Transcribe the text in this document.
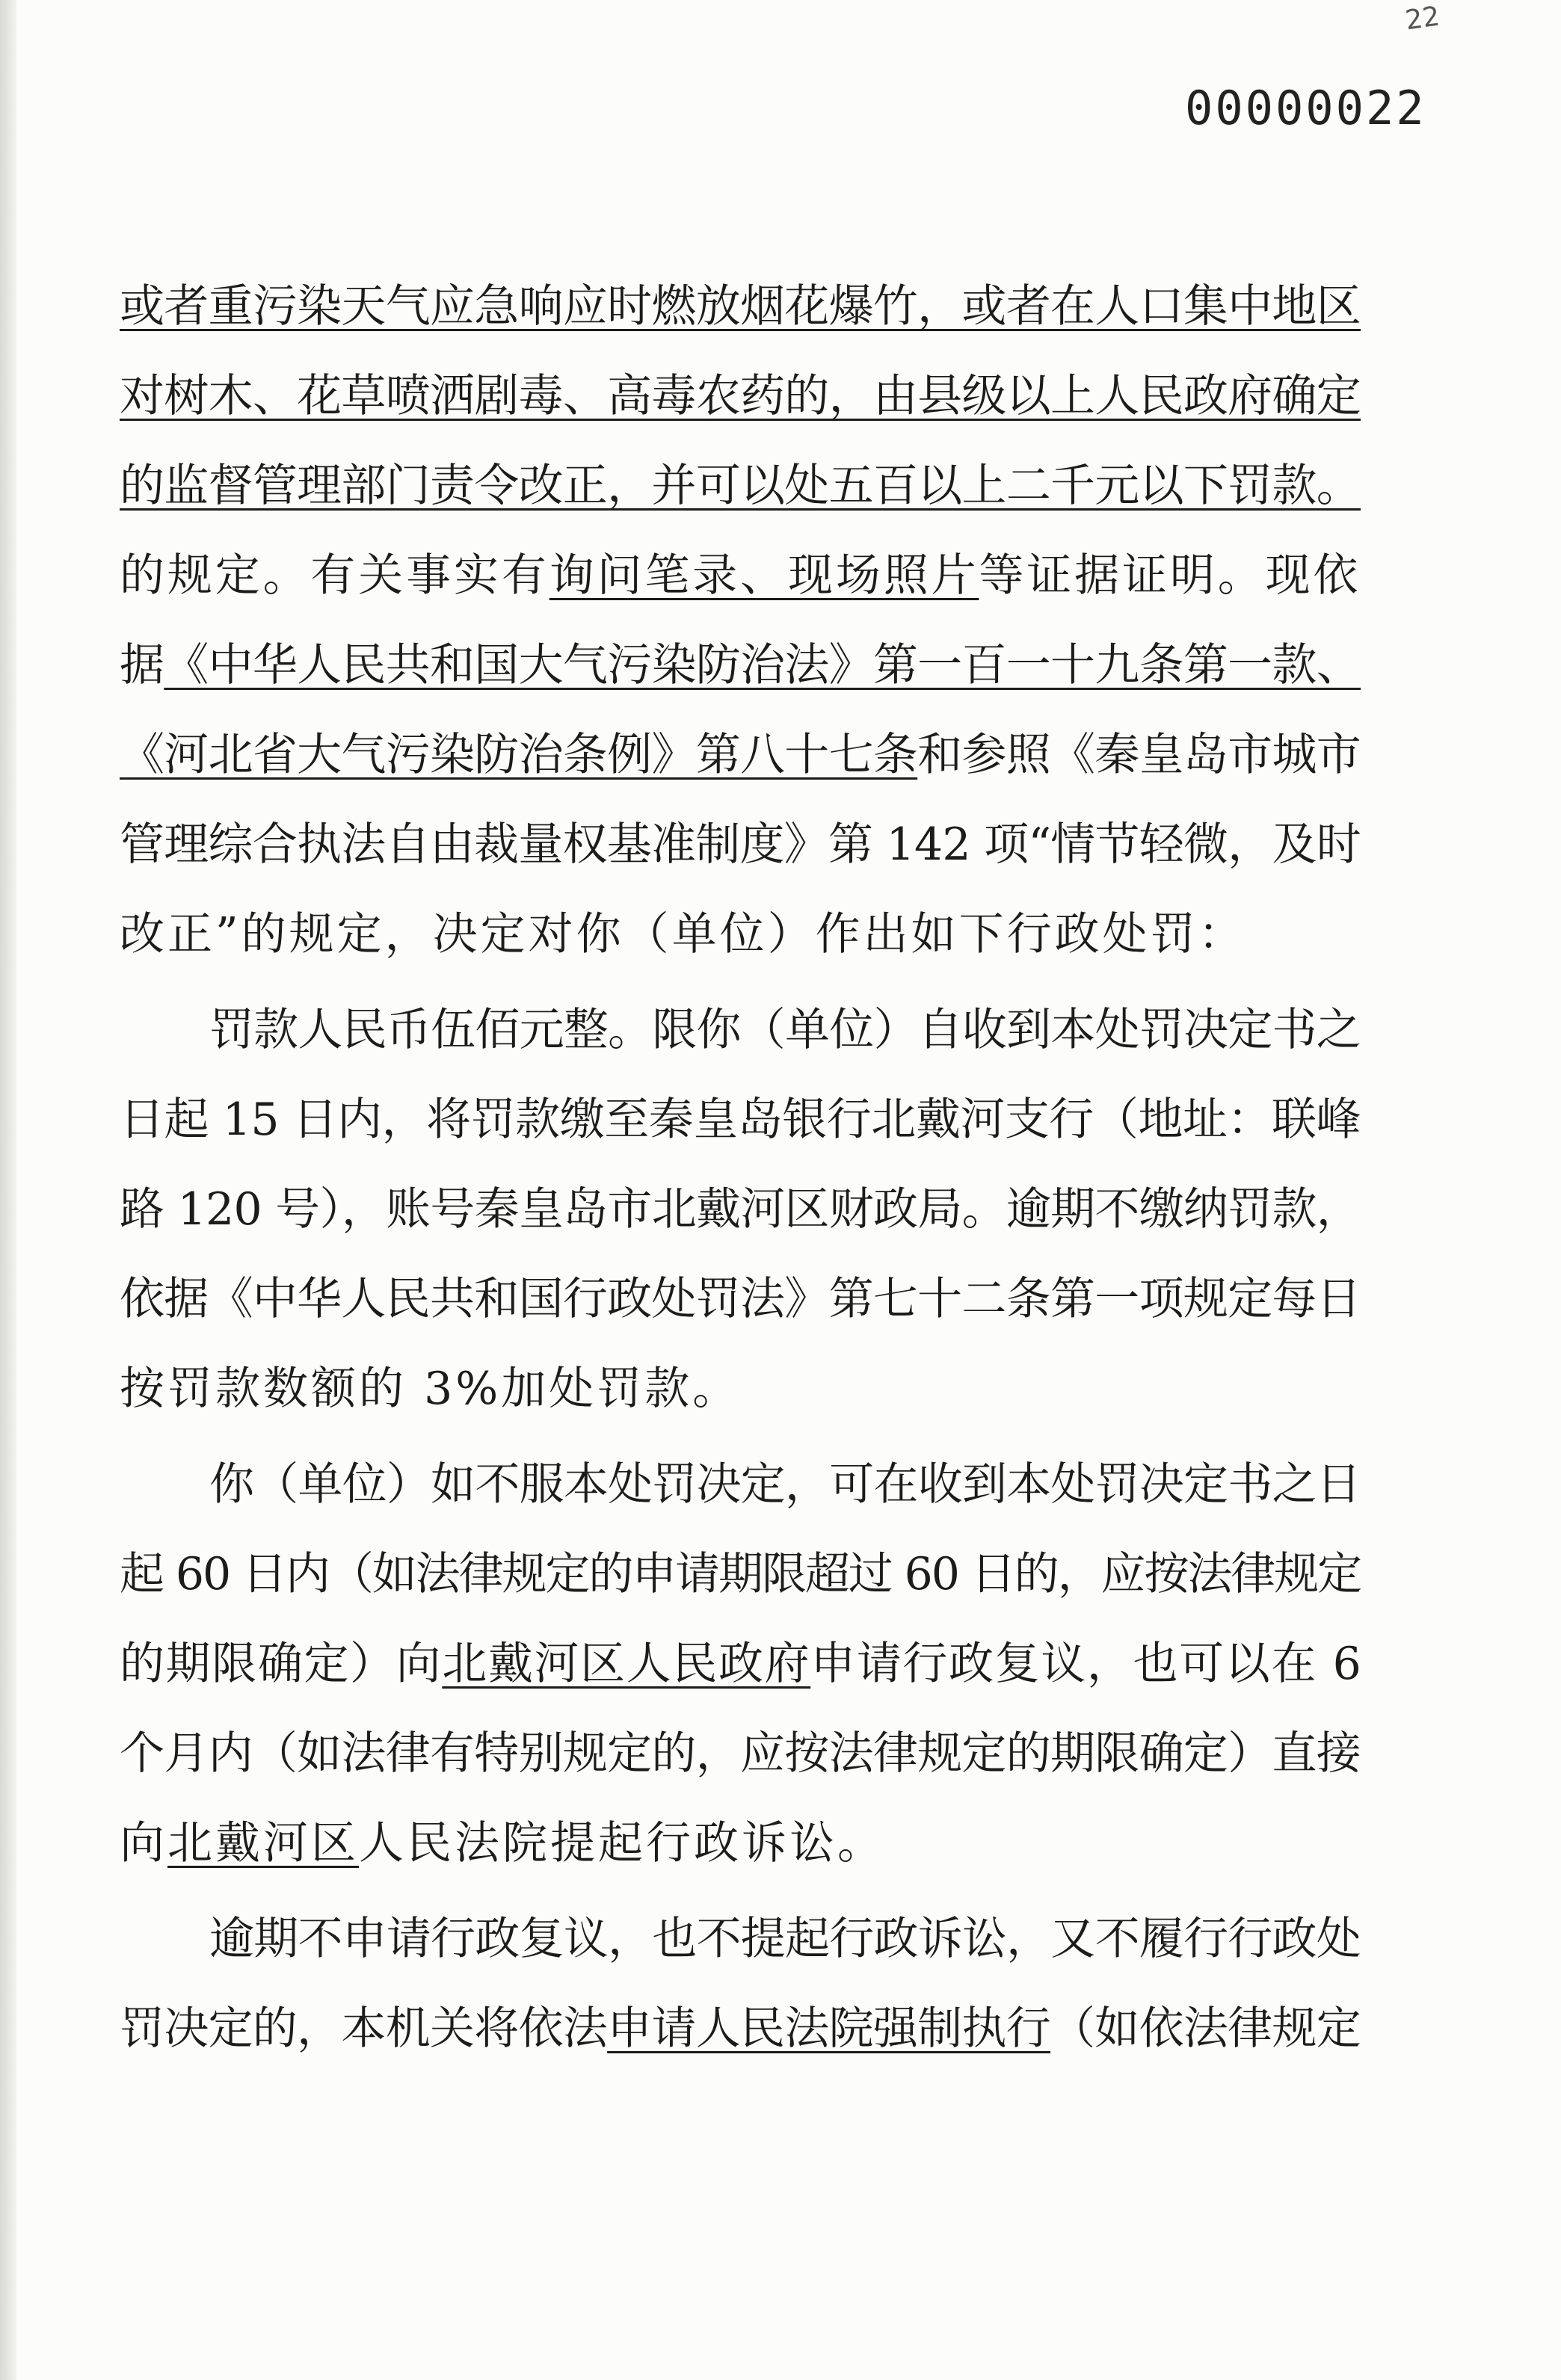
22
00000022
或者重污染天气应急响应时燃放烟花爆竹，或者在人口集中地区
对树木、花草喷洒剧毒、高毒农药的，由县级以上人民政府确定
的监督管理部门责令改正，并可以处五百以上二千元以下罚款。
的规定。有关事实有询问笔录、现场照片等证据证明。现依
据《中华人民共和国大气污染防治法》第一百一十九条第一款、
《河北省大气污染防治条例》第八十七条和参照《秦皇岛市城市
管理综合执法自由裁量权基准制度》第 142 项“情节轻微，及时
改正”的规定，决定对你（单位）作出如下行政处罚：
罚款人民币伍佰元整。限你（单位）自收到本处罚决定书之
日起 15 日内，将罚款缴至秦皇岛银行北戴河支行（地址：联峰
路 120 号），账号秦皇岛市北戴河区财政局。逾期不缴纳罚款，
依据《中华人民共和国行政处罚法》第七十二条第一项规定每日
按罚款数额的 3%加处罚款。
你（单位）如不服本处罚决定，可在收到本处罚决定书之日
起 60 日内（如法律规定的申请期限超过 60 日的，应按法律规定
的期限确定）向北戴河区人民政府申请行政复议，也可以在 6
个月内（如法律有特别规定的，应按法律规定的期限确定）直接
向北戴河区人民法院提起行政诉讼。
逾期不申请行政复议，也不提起行政诉讼，又不履行行政处
罚决定的，本机关将依法申请人民法院强制执行（如依法律规定
